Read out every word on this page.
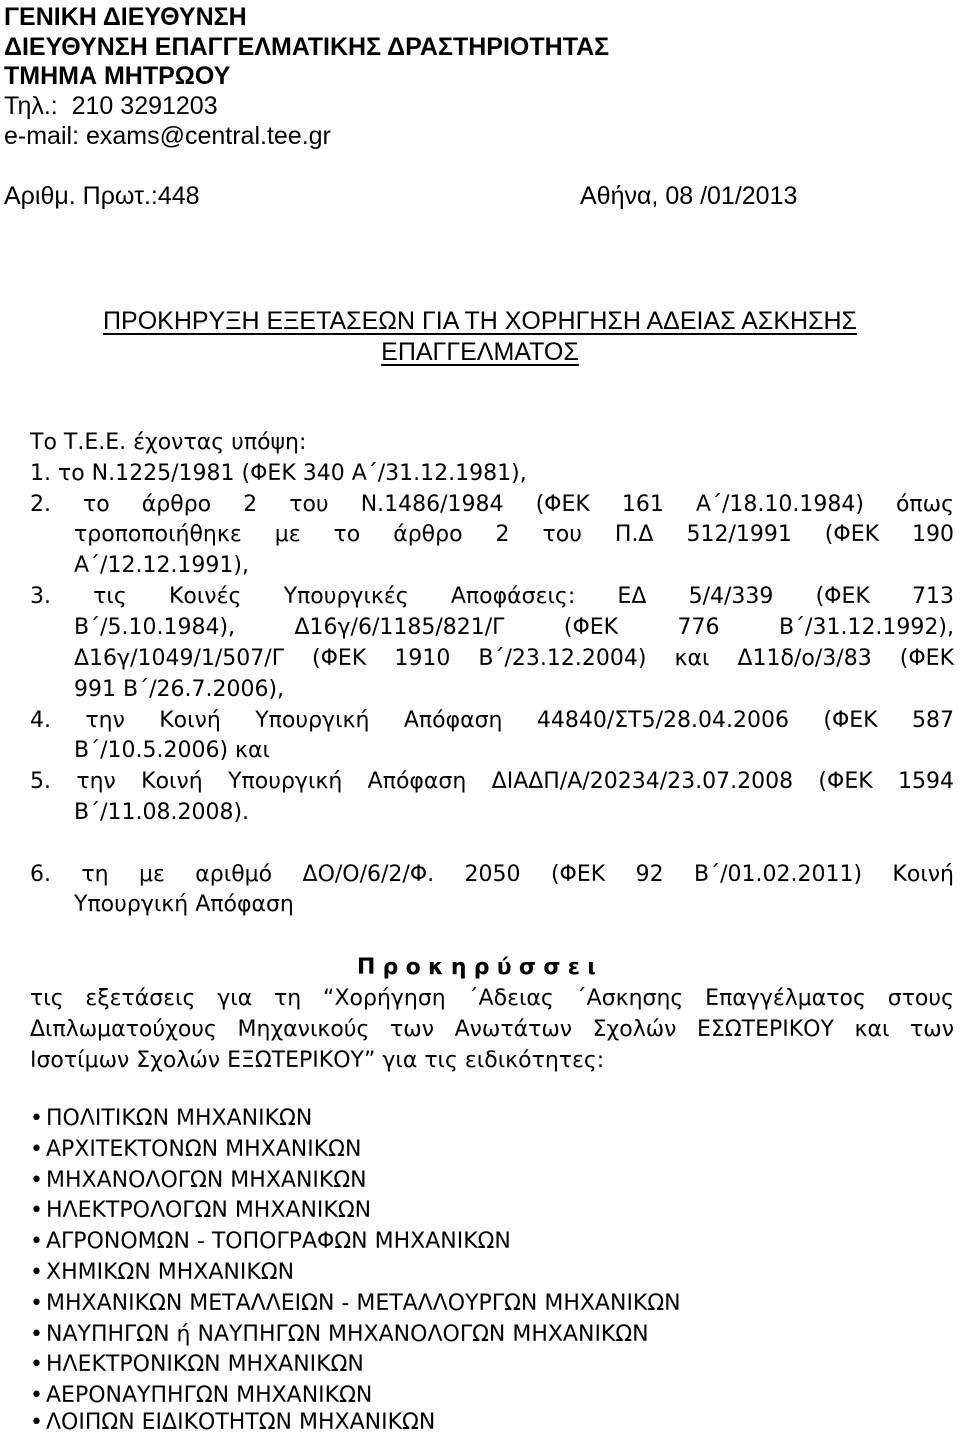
ΓΕΝΙΚΗ ΔΙΕΥΘΥΝΣΗ
ΔΙΕΥΘΥΝΣΗ ΕΠΑΓΓΕΛΜΑΤΙΚΗΣ ΔΡΑΣΤΗΡΙΟΤΗΤΑΣ
ΤΜΗΜΑ ΜΗΤΡΩΟΥ
Τηλ.:  210 3291203
e-mail: exams@central.tee.gr
Αριθμ. Πρωτ.:448	Αθήνα, 08 /01/2013
ΠΡΟΚΗΡΥΞΗ ΕΞΕΤΑΣΕΩΝ ΓΙΑ ΤΗ ΧΟΡΗΓΗΣΗ ΑΔΕΙΑΣ ΑΣΚΗΣΗΣ
ΕΠΑΓΓΕΛΜΑΤΟΣ
Το Τ.Ε.Ε. έχοντας υπόψη:
1. το Ν.1225/1981 (ΦΕΚ 340 Α΄/31.12.1981),
2. το άρθρο 2 του Ν.1486/1984 (ΦΕΚ 161 Α΄/18.10.1984) όπως
τροποποιήθηκε με το άρθρο 2 του Π.Δ 512/1991 (ΦΕΚ 190
Α΄/12.12.1991),
3. τις Κοινές Υπουργικές Αποφάσεις: ΕΔ 5/4/339 (ΦΕΚ 713
Β΄/5.10.1984), Δ16γ/6/1185/821/Γ (ΦΕΚ 776 Β΄/31.12.1992),
Δ16γ/1049/1/507/Γ (ΦΕΚ 1910 Β΄/23.12.2004) και Δ11δ/ο/3/83 (ΦΕΚ
991 Β΄/26.7.2006),
4. την Κοινή Υπουργική Απόφαση 44840/ΣΤ5/28.04.2006 (ΦΕΚ 587
Β΄/10.5.2006) και
5. την Κοινή Υπουργική Απόφαση ΔΙΑΔΠ/Α/20234/23.07.2008 (ΦΕΚ 1594
Β΄/11.08.2008).
6. τη με αριθμό ΔΟ/Ο/6/2/Φ. 2050 (ΦΕΚ 92 Β΄/01.02.2011) Κοινή
Υπουργική Απόφαση
Προκηρύσσει
τις εξετάσεις για τη “Χορήγηση ΄Αδειας ΄Ασκησης Επαγγέλματος στους
Διπλωματούχους Μηχανικούς των Ανωτάτων Σχολών ΕΣΩΤΕΡΙΚΟΥ και των
Ισοτίμων Σχολών ΕΞΩΤΕΡΙΚΟΥ” για τις ειδικότητες:
• ΠΟΛΙΤΙΚΩΝ ΜΗΧΑΝΙΚΩΝ
• ΑΡΧΙΤΕΚΤΟΝΩΝ ΜΗΧΑΝΙΚΩΝ
• ΜΗΧΑΝΟΛΟΓΩΝ ΜΗΧΑΝΙΚΩΝ
• ΗΛΕΚΤΡΟΛΟΓΩΝ ΜΗΧΑΝΙΚΩΝ
• ΑΓΡΟΝΟΜΩΝ - ΤΟΠΟΓΡΑΦΩΝ ΜΗΧΑΝΙΚΩΝ
• ΧΗΜΙΚΩΝ ΜΗΧΑΝΙΚΩΝ
• ΜΗΧΑΝΙΚΩΝ ΜΕΤΑΛΛΕΙΩΝ - ΜΕΤΑΛΛΟΥΡΓΩΝ ΜΗΧΑΝΙΚΩΝ
• ΝΑΥΠΗΓΩΝ ή ΝΑΥΠΗΓΩΝ ΜΗΧΑΝΟΛΟΓΩΝ ΜΗΧΑΝΙΚΩΝ
• ΗΛΕΚΤΡΟΝΙΚΩΝ ΜΗΧΑΝΙΚΩΝ
• ΑΕΡΟΝΑΥΠΗΓΩΝ ΜΗΧΑΝΙΚΩΝ
• ΛΟΙΠΩΝ ΕΙΔΙΚΟΤΗΤΩΝ ΜΗΧΑΝΙΚΩΝ
